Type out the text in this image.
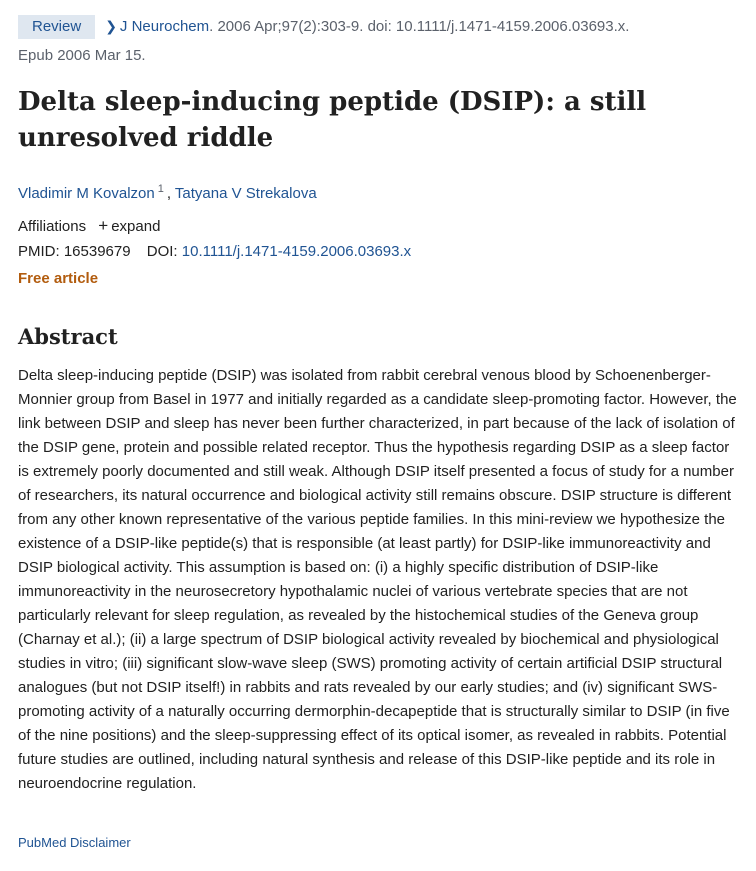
Review ❯ J Neurochem. 2006 Apr;97(2):303-9. doi: 10.1111/j.1471-4159.2006.03693.x.
Epub 2006 Mar 15.
Delta sleep-inducing peptide (DSIP): a still unresolved riddle
Vladimir M Kovalzon $^1$ , Tatyana V Strekalova
Affiliations + expand
PMID: 16539679 DOI: 10.1111/j.1471-4159.2006.03693.x
Free article
Abstract

Delta sleep-inducing peptide (DSIP) was isolated from rabbit cerebral venous blood by Schoenenberger-Monnier group from Basel in 1977 and initially regarded as a candidate sleep-promoting factor. However, the link between DSIP and sleep has never been further characterized, in part because of the lack of isolation of the DSIP gene, protein and possible related receptor. Thus the hypothesis regarding DSIP as a sleep factor is extremely poorly documented and still weak. Although DSIP itself presented a focus of study for a number of researchers, its natural occurrence and biological activity still remains obscure. DSIP structure is different from any other known representative of the various peptide families. In this mini-review we hypothesize the existence of a DSIP-like peptide(s) that is responsible (at least partly) for DSIP-like immunoreactivity and DSIP biological activity. This assumption is based on: (i) a highly specific distribution of DSIP-like immunoreactivity in the neurosecretory hypothalamic nuclei of various vertebrate species that are not particularly relevant for sleep regulation, as revealed by the histochemical studies of the Geneva group (Charnay et al.); (ii) a large spectrum of DSIP biological activity revealed by biochemical and physiological studies in vitro; (iii) significant slow-wave sleep (SWS) promoting activity of certain artificial DSIP structural analogues (but not DSIP itself!) in rabbits and rats revealed by our early studies; and (iv) significant SWS-promoting activity of a naturally occurring dermorphin-decapeptide that is structurally similar to DSIP (in five of the nine positions) and the sleep-suppressing effect of its optical isomer, as revealed in rabbits. Potential future studies are outlined, including natural synthesis and release of this DSIP-like peptide and its role in neuroendocrine regulation.

PubMed Disclaimer
